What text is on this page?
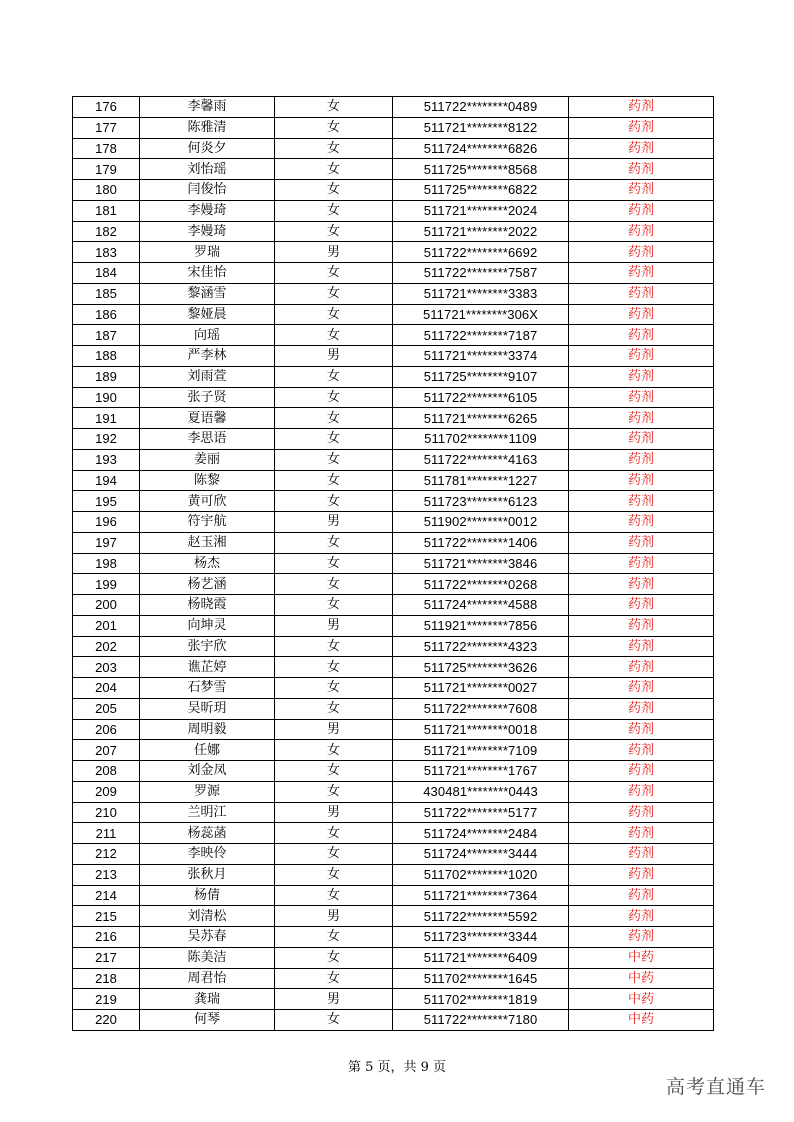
176	李馨雨	女	511722********0489	药剂
177	陈雅清	女	511721********8122	药剂
178	何炎夕	女	511724********6826	药剂
179	刘怡瑶	女	511725********8568	药剂
180	闫俊怡	女	511725********6822	药剂
181	李嫚琦	女	511721********2024	药剂
182	李嫚琦	女	511721********2022	药剂
183	罗瑞	男	511722********6692	药剂
184	宋佳怡	女	511722********7587	药剂
185	黎涵雪	女	511721********3383	药剂
186	黎娅晨	女	511721********306X	药剂
187	向瑶	女	511722********7187	药剂
188	严李林	男	511721********3374	药剂
189	刘雨萱	女	511725********9107	药剂
190	张子贤	女	511722********6105	药剂
191	夏语馨	女	511721********6265	药剂
192	李思语	女	511702********1109	药剂
193	姜丽	女	511722********4163	药剂
194	陈黎	女	511781********1227	药剂
195	黄可欣	女	511723********6123	药剂
196	符宇航	男	511902********0012	药剂
197	赵玉湘	女	511722********1406	药剂
198	杨杰	女	511721********3846	药剂
199	杨艺涵	女	511722********0268	药剂
200	杨晓霞	女	511724********4588	药剂
201	向坤灵	男	511921********7856	药剂
202	张宇欣	女	511722********4323	药剂
203	谯芷婷	女	511725********3626	药剂
204	石梦雪	女	511721********0027	药剂
205	吴昕玥	女	511722********7608	药剂
206	周明毅	男	511721********0018	药剂
207	任娜	女	511721********7109	药剂
208	刘金凤	女	511721********1767	药剂
209	罗源	女	430481********0443	药剂
210	兰明江	男	511722********5177	药剂
211	杨蕊菡	女	511724********2484	药剂
212	李映伶	女	511724********3444	药剂
213	张秋月	女	511702********1020	药剂
214	杨倩	女	511721********7364	药剂
215	刘清松	男	511722********5592	药剂
216	吴苏春	女	511723********3344	药剂
217	陈美洁	女	511721********6409	中药
218	周君怡	女	511702********1645	中药
219	龚瑞	男	511702********1819	中药
220	何琴	女	511722********7180	中药
第 5 页，共 9 页
高考直通车
